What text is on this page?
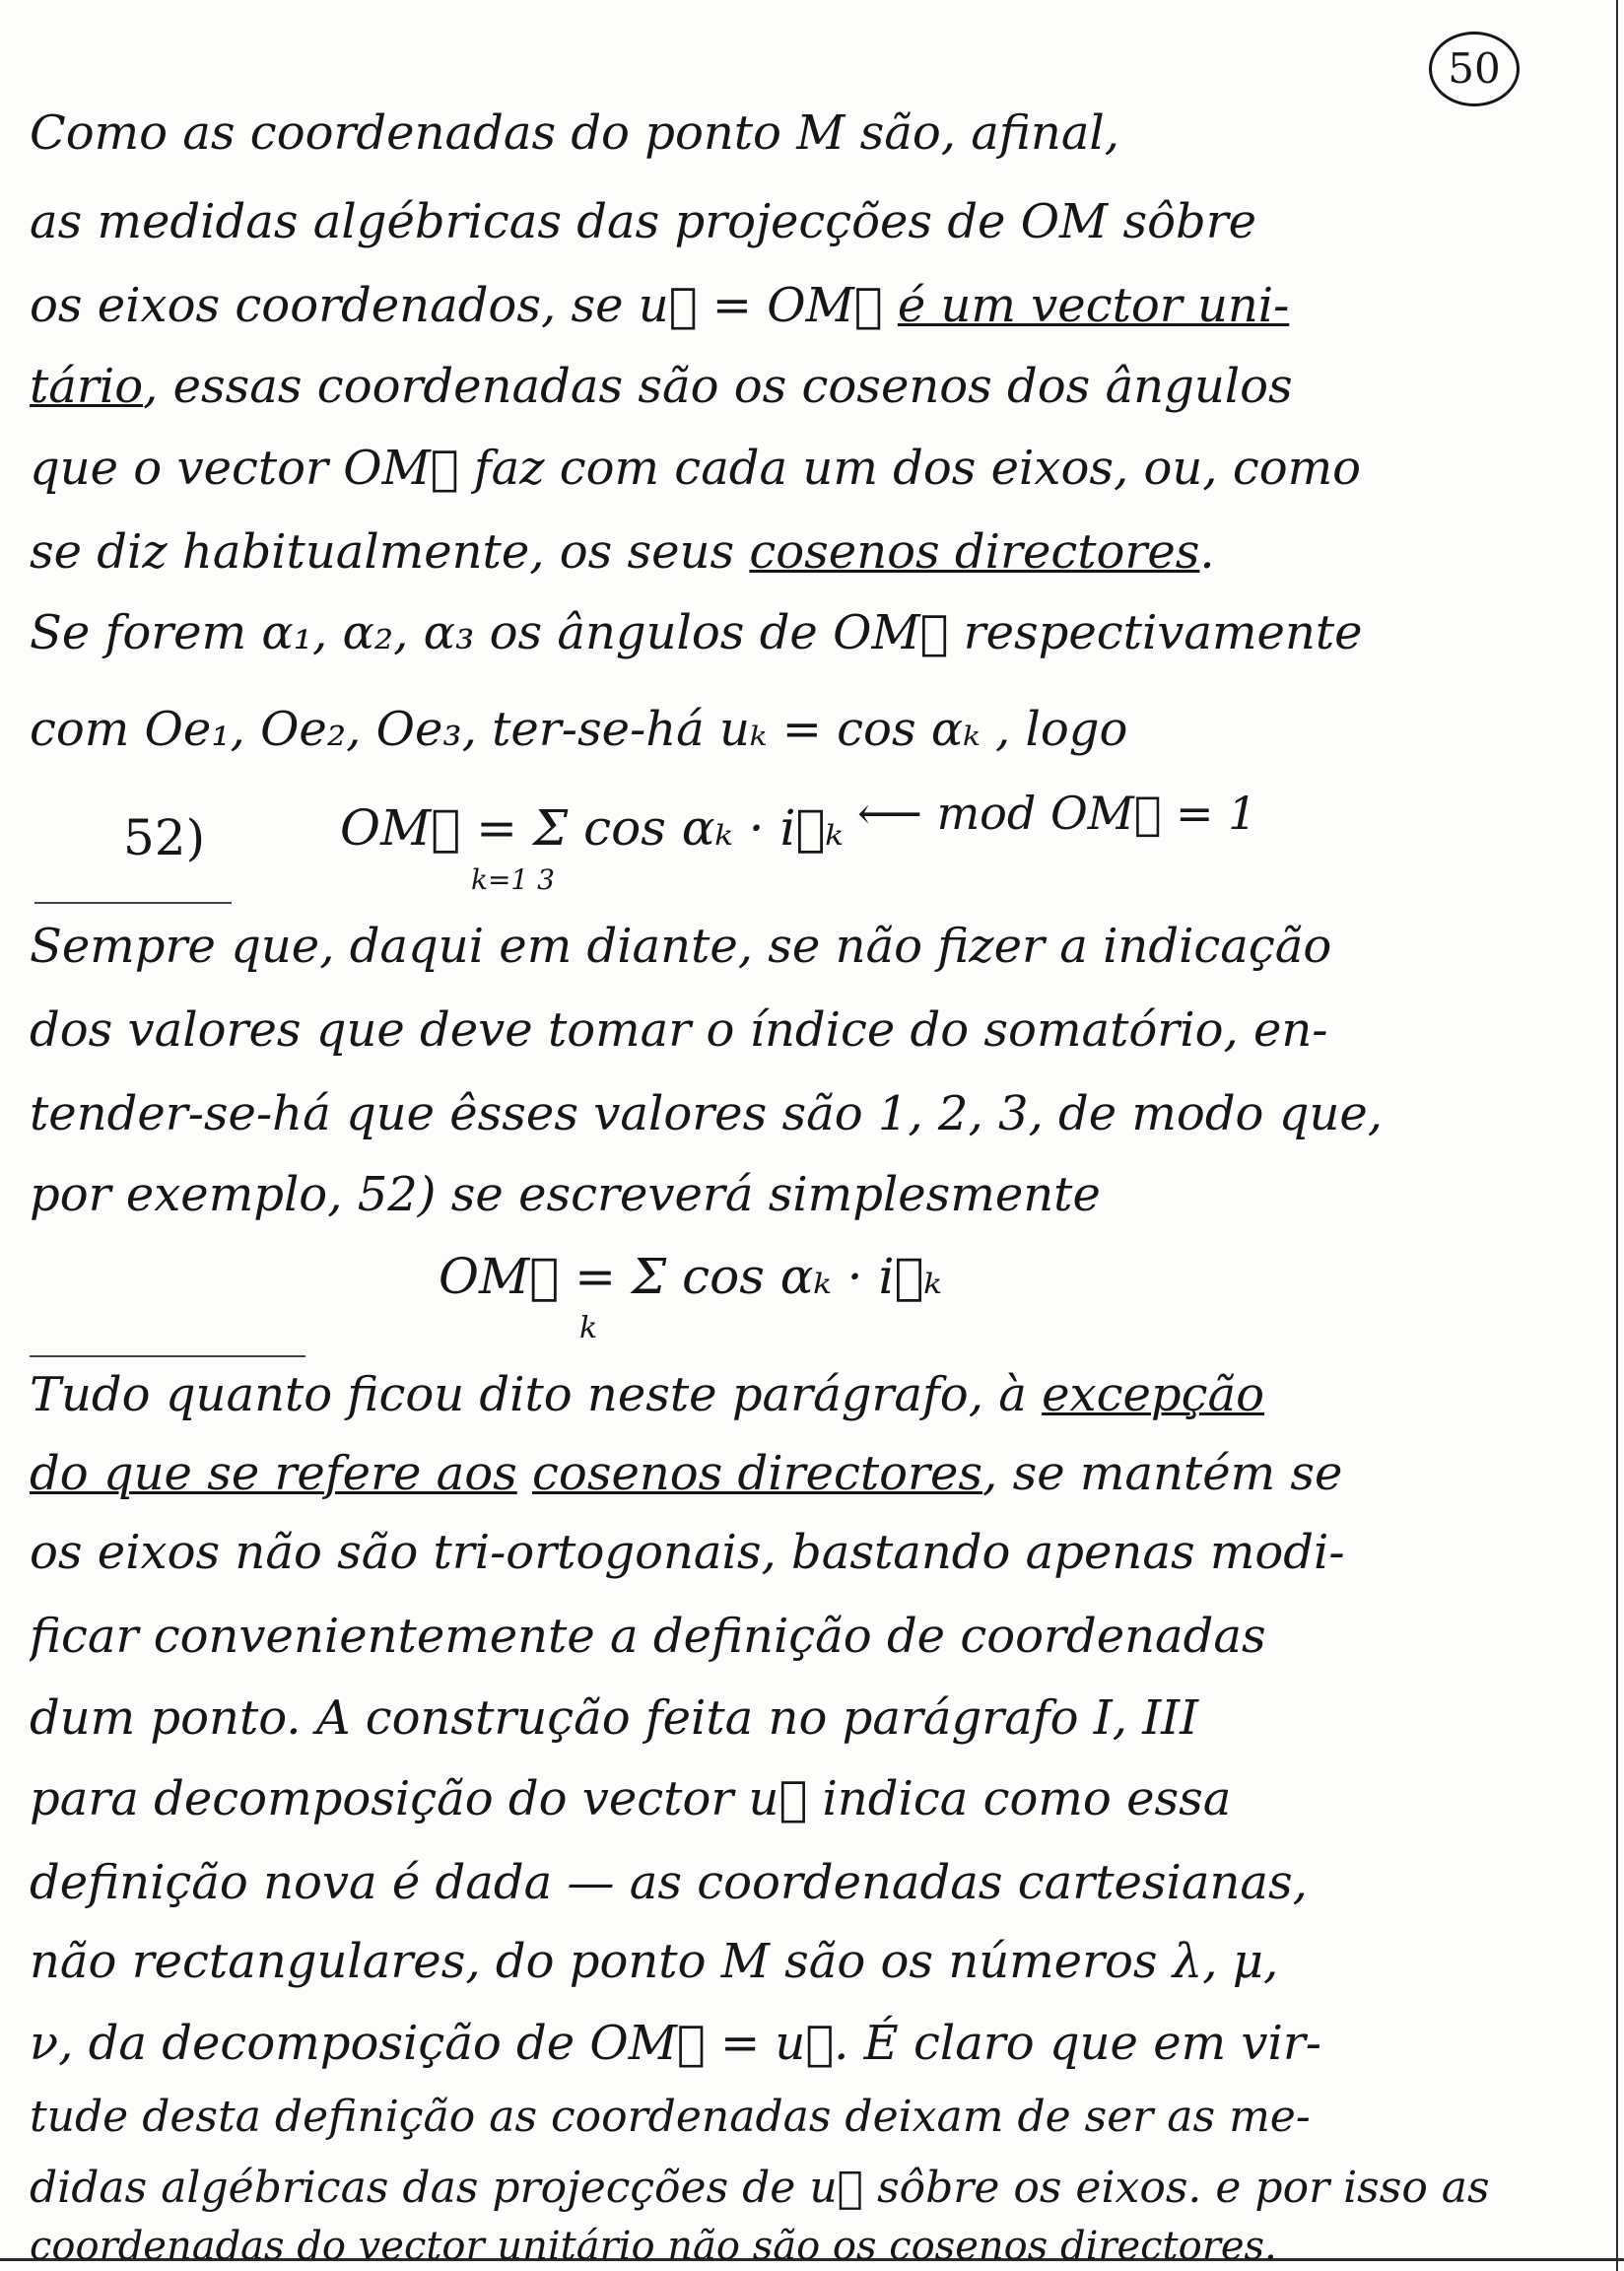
50
Como as coordenadas do ponto M são, afinal,
as medidas algébricas das projecções de OM sôbre
os eixos coordenados, se u⃗ = OM⃗ é um vector uni-
tário, essas coordenadas são os cosenos dos ângulos
que o vector OM⃗ faz com cada um dos eixos, ou, como
se diz habitualmente, os seus cosenos directores.
Se forem α₁, α₂, α₃ os ângulos de OM⃗ respectivamente
com Oe₁, Oe₂, Oe₃, ter-se-há uₖ = cos αₖ , logo
52)	OM⃗ = Σ cos αₖ · i⃗ₖ
k=1 3
⟵ mod OM⃗ = 1
Sempre que, daqui em diante, se não fizer a indicação
dos valores que deve tomar o índice do somatório, en-
tender-se-há que êsses valores são 1, 2, 3, de modo que,
por exemplo, 52) se escreverá simplesmente
OM⃗ = Σ cos αₖ · i⃗ₖ
k
Tudo quanto ficou dito neste parágrafo, à excepção
do que se refere aos cosenos directores, se mantém se
os eixos não são tri-ortogonais, bastando apenas modi-
ficar convenientemente a definição de coordenadas
dum ponto. A construção feita no parágrafo I, III
para decomposição do vector u⃗ indica como essa
definição nova é dada — as coordenadas cartesianas,
não rectangulares, do ponto M são os números λ, μ,
ν, da decomposição de OM⃗ = u⃗. É claro que em vir-
tude desta definição as coordenadas deixam de ser as me-
didas algébricas das projecções de u⃗ sôbre os eixos. e por isso as
coordenadas do vector unitário não são os cosenos directores.
